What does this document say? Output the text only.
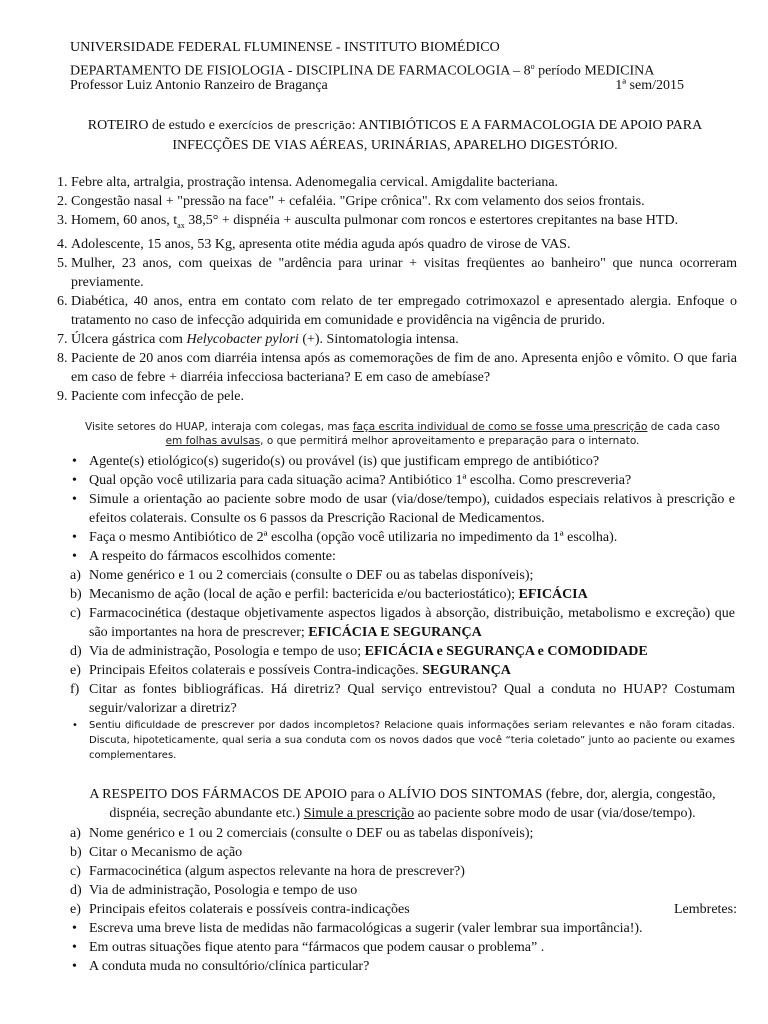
UNIVERSIDADE FEDERAL FLUMINENSE - INSTITUTO BIOMÉDICO
DEPARTAMENTO DE FISIOLOGIA - DISCIPLINA DE FARMACOLOGIA – 8$^o$ período MEDICINA
Professor Luiz Antonio Ranzeiro de Bragança	1ª sem/2015
ROTEIRO de estudo e exercícios de prescrição: ANTIBIÓTICOS E A FARMACOLOGIA DE APOIO PARA
INFECÇÕES DE VIAS AÉREAS, URINÁRIAS, APARELHO DIGESTÓRIO.
1. Febre alta, artralgia, prostração intensa. Adenomegalia cervical. Amigdalite bacteriana.
2. Congestão nasal + "pressão na face" + cefaléia. "Gripe crônica". Rx com velamento dos seios frontais.
3. Homem, 60 anos, $t_{ax}$ 38,5° + dispnéia + ausculta pulmonar com roncos e estertores crepitantes na base HTD.
4. Adolescente, 15 anos, 53 Kg, apresenta otite média aguda após quadro de virose de VAS.
5. Mulher, 23 anos, com queixas de "ardência para urinar + visitas freqüentes ao banheiro" que nunca ocorreram previamente.
6. Diabética, 40 anos, entra em contato com relato de ter empregado cotrimoxazol e apresentado alergia. Enfoque o tratamento no caso de infecção adquirida em comunidade e providência na vigência de prurido.
7. Úlcera gástrica com Helycobacter pylori (+). Sintomatologia intensa.
8. Paciente de 20 anos com diarréia intensa após as comemorações de fim de ano. Apresenta enjôo e vômito. O que faria em caso de febre + diarréia infecciosa bacteriana? E em caso de amebíase?
9. Paciente com infecção de pele.
Visite setores do HUAP, interaja com colegas, mas faça escrita individual de como se fosse uma prescrição de cada caso
em folhas avulsas, o que permitirá melhor aproveitamento e preparação para o internato.
• Agente(s) etiológico(s) sugerido(s) ou provável (is) que justificam emprego de antibiótico?
• Qual opção você utilizaria para cada situação acima? Antibiótico 1ª escolha. Como prescreveria?
• Simule a orientação ao paciente sobre modo de usar (via/dose/tempo), cuidados especiais relativos à prescrição e efeitos colaterais. Consulte os 6 passos da Prescrição Racional de Medicamentos.
• Faça o mesmo Antibiótico de 2ª escolha (opção você utilizaria no impedimento da 1ª escolha).
• A respeito do fármacos escolhidos comente:
a) Nome genérico e 1 ou 2 comerciais (consulte o DEF ou as tabelas disponíveis);
b) Mecanismo de ação (local de ação e perfil: bactericida e/ou bacteriostático); EFICÁCIA
c) Farmacocinética (destaque objetivamente aspectos ligados à absorção, distribuição, metabolismo e excreção) que são importantes na hora de prescrever; EFICÁCIA E SEGURANÇA
d) Via de administração, Posologia e tempo de uso; EFICÁCIA e SEGURANÇA e COMODIDADE
e) Principais Efeitos colaterais e possíveis Contra-indicações. SEGURANÇA
f) Citar as fontes bibliográficas. Há diretriz? Qual serviço entrevistou? Qual a conduta no HUAP? Costumam seguir/valorizar a diretriz?
• Sentiu dificuldade de prescrever por dados incompletos? Relacione quais informações seriam relevantes e não foram citadas. Discuta, hipoteticamente, qual seria a sua conduta com os novos dados que você “teria coletado” junto ao paciente ou exames complementares.
A RESPEITO DOS FÁRMACOS DE APOIO para o ALÍVIO DOS SINTOMAS (febre, dor, alergia, congestão,
dispnéia, secreção abundante etc.) Simule a prescrição ao paciente sobre modo de usar (via/dose/tempo).
a) Nome genérico e 1 ou 2 comerciais (consulte o DEF ou as tabelas disponíveis);
b) Citar o Mecanismo de ação
c) Farmacocinética (algum aspectos relevante na hora de prescrever?)
d) Via de administração, Posologia e tempo de uso
e) Principais efeitos colaterais e possíveis contra-indicações	Lembretes:
• Escreva uma breve lista de medidas não farmacológicas a sugerir (valer lembrar sua importância!).
• Em outras situações fique atento para “fármacos que podem causar o problema” .
• A conduta muda no consultório/clínica particular?
